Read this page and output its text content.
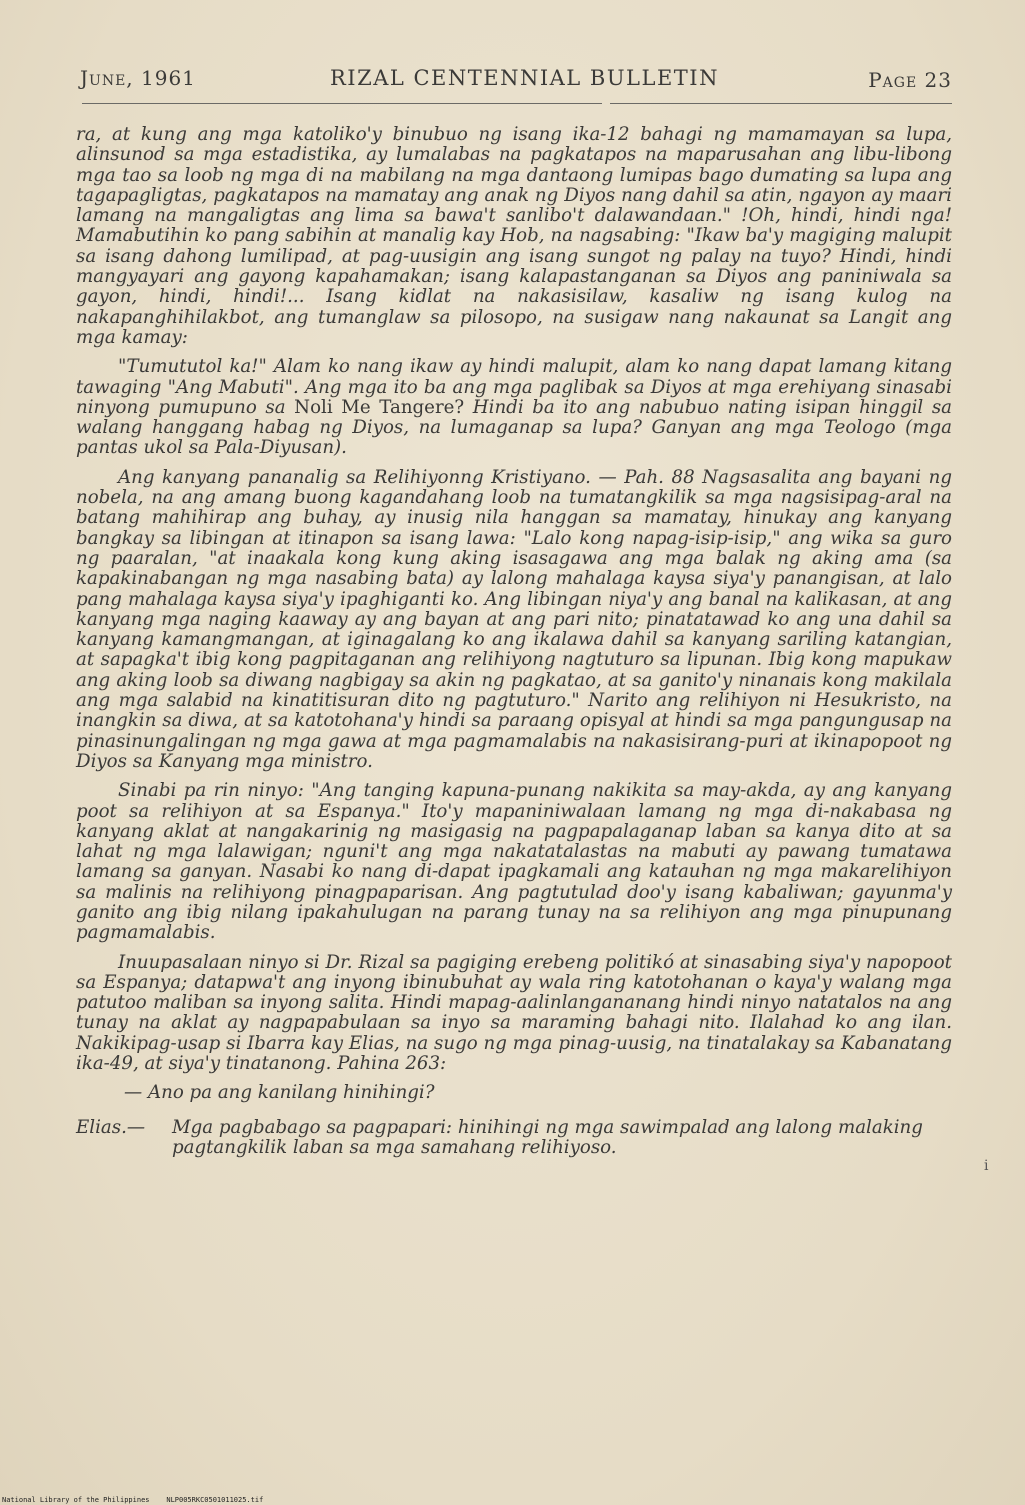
June, 1961	RIZAL CENTENNIAL BULLETIN	Page 23

ra, at kung ang mga katoliko'y binubuo ng isang ika-12 bahagi ng mamamayan sa lupa, alinsunod sa mga estadistika, ay lumalabas na pagkatapos na maparusahan ang libu-libong mga tao sa loob ng mga di na mabilang na mga dantaong lumipas bago dumating sa lupa ang tagapagligtas, pagkatapos na mamatay ang anak ng Diyos nang dahil sa atin, ngayon ay maari lamang na mangaligtas ang lima sa bawa't sanlibo't dalawandaan." !Oh, hindi, hindi nga! Mamabutihin ko pang sabihin at manalig kay Hob, na nagsabing: "Ikaw ba'y magiging malupit sa isang dahong lumilipad, at pag-uusigin ang isang sungot ng palay na tuyo? Hindi, hindi mangyayari ang gayong kapahamakan; isang kalapastanganan sa Diyos ang paniniwala sa gayon, hindi, hindi!... Isang kidlat na nakasisilaw, kasaliw ng isang kulog na nakapanghihilakbot, ang tumanglaw sa pilosopo, na susigaw nang nakaunat sa Langit ang mga kamay:

"Tumututol ka!" Alam ko nang ikaw ay hindi malupit, alam ko nang dapat lamang kitang tawaging "Ang Mabuti". Ang mga ito ba ang mga paglibak sa Diyos at mga erehiyang sinasabi ninyong pumupuno sa Noli Me Tangere? Hindi ba ito ang nabubuo nating isipan hinggil sa walang hanggang habag ng Diyos, na lumaganap sa lupa? Ganyan ang mga Teologo (mga pantas ukol sa Pala-Diyusan).

Ang kanyang pananalig sa Relihiyonng Kristiyano. — Pah. 88 Nagsasalita ang bayani ng nobela, na ang amang buong kagandahang loob na tumatangkilik sa mga nagsisipag-aral na batang mahihirap ang buhay, ay inusig nila hanggan sa mamatay, hinukay ang kanyang bangkay sa libingan at itinapon sa isang lawa: "Lalo kong napag-isip-isip," ang wika sa guro ng paaralan, "at inaakala kong kung aking isasagawa ang mga balak ng aking ama (sa kapakinabangan ng mga nasabing bata) ay lalong mahalaga kaysa siya'y panangisan, at lalo pang mahalaga kaysa siya'y ipaghiganti ko. Ang libingan niya'y ang banal na kalikasan, at ang kanyang mga naging kaaway ay ang bayan at ang pari nito; pinatatawad ko ang una dahil sa kanyang kamangmangan, at iginagalang ko ang ikalawa dahil sa kanyang sariling katangian, at sapagka't ibig kong pagpitaganan ang relihiyong nagtuturo sa lipunan. Ibig kong mapukaw ang aking loob sa diwang nagbigay sa akin ng pagkatao, at sa ganito'y ninanais kong makilala ang mga salabid na kinatitisuran dito ng pagtuturo." Narito ang relihiyon ni Hesukristo, na inangkin sa diwa, at sa katotohana'y hindi sa paraang opisyal at hindi sa mga pangungusap na pinasinungalingan ng mga gawa at mga pagmamalabis na nakasisirang-puri at ikinapopoot ng Diyos sa Kanyang mga ministro.

Sinabi pa rin ninyo: "Ang tanging kapuna-punang nakikita sa may-akda, ay ang kanyang poot sa relihiyon at sa Espanya." Ito'y mapaniniwalaan lamang ng mga di-nakabasa ng kanyang aklat at nangakarinig ng masigasig na pagpapalaganap laban sa kanya dito at sa lahat ng mga lalawigan; nguni't ang mga nakatatalastas na mabuti ay pawang tumatawa lamang sa ganyan. Nasabi ko nang di-dapat ipagkamali ang katauhan ng mga makarelihiyon sa malinis na relihiyong pinagpaparisan. Ang pagtutulad doo'y isang kabaliwan; gayunma'y ganito ang ibig nilang ipakahulugan na parang tunay na sa relihiyon ang mga pinupunang pagmamalabis.

Inuupasalaan ninyo si Dr. Rizal sa pagiging erebeng politikó at sinasabing siya'y napopoot sa Espanya; datapwa't ang inyong ibinubuhat ay wala ring katotohanan o kaya'y walang mga patutoo maliban sa inyong salita. Hindi mapag-aalinlangananang hindi ninyo natatalos na ang tunay na aklat ay nagpapabulaan sa inyo sa maraming bahagi nito. Ilalahad ko ang ilan. Nakikipag-usap si Ibarra kay Elias, na sugo ng mga pinag-uusig, na tinatalakay sa Kabanatang ika-49, at siya'y tinatanong. Pahina 263:

— Ano pa ang kanilang hinihingi?

Elias.—	Mga pagbabago sa pagpapari: hinihingi ng mga sawimpalad ang lalong malaking pagtangkilik laban sa mga samahang relihiyoso.
i
National Library of the Philippines    NLP005RKC0501011025.tif
